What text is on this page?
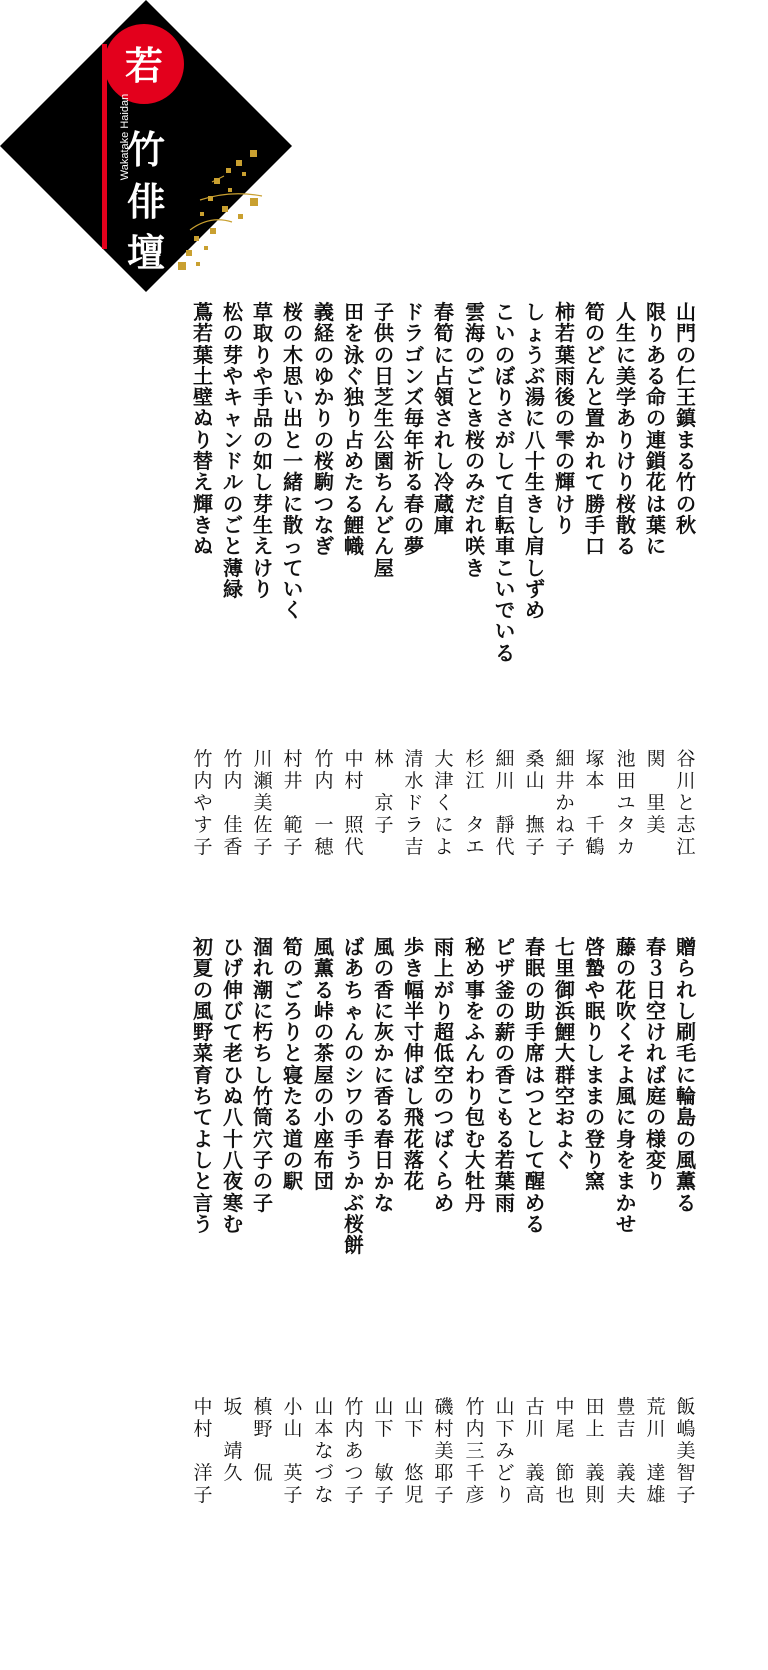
若
竹
俳
壇
Wakatake Haidan
山
門
の
仁
王
鎮
ま
る
竹
の
秋
限
り
あ
る
命
の
連
鎖
花
は
葉
に
人
生
に
美
学
あ
り
け
り
桜
散
る
筍
の
ど
ん
と
置
か
れ
て
勝
手
口
柿
若
葉
雨
後
の
雫
の
輝
け
り
し
ょ
う
ぶ
湯
に
八
十
生
き
し
肩
し
ず
め
こ
い
の
ぼ
り
さ
が
し
て
自
転
車
こ
い
で
い
る
雲
海
の
ご
と
き
桜
の
み
だ
れ
咲
き
春
筍
に
占
領
さ
れ
し
冷
蔵
庫
ド
ラ
ゴ
ン
ズ
毎
年
祈
る
春
の
夢
子
供
の
日
芝
生
公
園
ち
ん
ど
ん
屋
田
を
泳
ぐ
独
り
占
め
た
る
鯉
幟
義
経
の
ゆ
か
り
の
桜
駒
つ
な
ぎ
桜
の
木
思
い
出
と
一
緒
に
散
っ
て
い
く
草
取
り
や
手
品
の
如
し
芽
生
え
け
り
松
の
芽
や
キ
ャ
ン
ド
ル
の
ご
と
薄
緑
蔦
若
葉
土
壁
ぬ
り
替
え
輝
き
ぬ
谷
川
と
志
江
関

里
美
池
田
ユ
タ
カ
塚
本

千
鶴
細
井
か
ね
子
桑
山

撫
子
細
川

靜
代
杉
江

タ
エ
大
津
く
に
よ
清
水
ド
ラ
吉
林

京
子
中
村

照
代
竹
内

一
穂
村
井

範
子
川
瀬
美
佐
子
竹
内

佳
香
竹
内
や
す
子
贈
ら
れ
し
刷
毛
に
輪
島
の
風
薫
る
春
３
日
空
け
れ
ば
庭
の
様
変
り
藤
の
花
吹
く
そ
よ
風
に
身
を
ま
か
せ
啓
蟄
や
眠
り
し
ま
ま
の
登
り
窯
七
里
御
浜
鯉
大
群
空
お
よ
ぐ
春
眠
の
助
手
席
は
つ
と
し
て
醒
め
る
ピ
ザ
釜
の
薪
の
香
こ
も
る
若
葉
雨
秘
め
事
を
ふ
ん
わ
り
包
む
大
牡
丹
雨
上
が
り
超
低
空
の
つ
ば
く
ら
め
歩
き
幅
半
寸
伸
ば
し
飛
花
落
花
風
の
香
に
灰
か
に
香
る
春
日
か
な
ば
あ
ち
ゃ
ん
の
シ
ワ
の
手
う
か
ぶ
桜
餅
風
薫
る
峠
の
茶
屋
の
小
座
布
団
筍
の
ご
ろ
り
と
寝
た
る
道
の
駅
涸
れ
潮
に
朽
ち
し
竹
筒
穴
子
の
子
ひ
げ
伸
び
て
老
ひ
ぬ
八
十
八
夜
寒
む
初
夏
の
風
野
菜
育
ち
て
よ
し
と
言
う
飯
嶋
美
智
子
荒
川

達
雄
豊
吉

義
夫
田
上

義
則
中
尾

節
也
古
川

義
高
山
下
み
ど
り
竹
内
三
千
彦
磯
村
美
耶
子
山
下

悠
児
山
下

敏
子
竹
内
あ
つ
子
山
本
な
づ
な
小
山

英
子
槙
野

侃
坂

靖
久
中
村

洋
子
